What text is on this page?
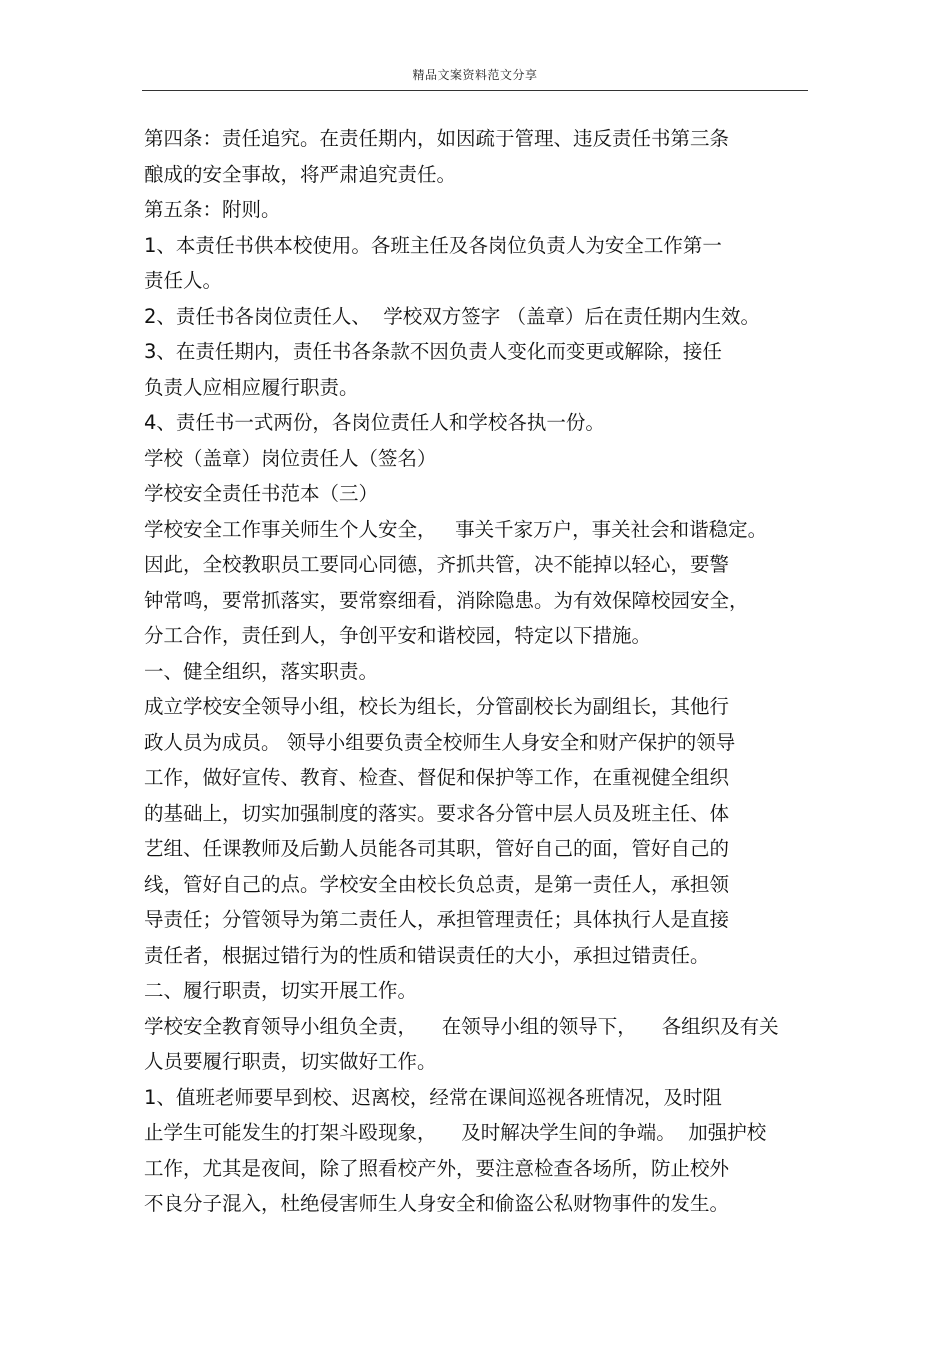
精品文案资料范文分享
第四条：责任追究。在责任期内，如因疏于管理、违反责任书第三条
酿成的安全事故，将严肃追究责任。
第五条：附则。
1、本责任书供本校使用。各班主任及各岗位负责人为安全工作第一
责任人。
2、责任书各岗位责任人、  学校双方签字 （盖章）后在责任期内生效。
3、在责任期内，责任书各条款不因负责人变化而变更或解除，接任
负责人应相应履行职责。
4、责任书一式两份，各岗位责任人和学校各执一份。
学校（盖章）岗位责任人（签名）
学校安全责任书范本（三）
学校安全工作事关师生个人安全，   事关千家万户，事关社会和谐稳定。
因此，全校教职员工要同心同德，齐抓共管，决不能掉以轻心，要警
钟常鸣，要常抓落实，要常察细看，消除隐患。为有效保障校园安全，
分工合作，责任到人，争创平安和谐校园，特定以下措施。
一、健全组织，落实职责。
成立学校安全领导小组，校长为组长，分管副校长为副组长，其他行
政人员为成员。 领导小组要负责全校师生人身安全和财产保护的领导
工作，做好宣传、教育、检查、督促和保护等工作，在重视健全组织
的基础上，切实加强制度的落实。要求各分管中层人员及班主任、体
艺组、任课教师及后勤人员能各司其职，管好自己的面，管好自己的
线，管好自己的点。学校安全由校长负总责，是第一责任人，承担领
导责任；分管领导为第二责任人，承担管理责任；具体执行人是直接
责任者，根据过错行为的性质和错误责任的大小，承担过错责任。
二、履行职责，切实开展工作。
学校安全教育领导小组负全责，    在领导小组的领导下，    各组织及有关
人员要履行职责，切实做好工作。
1、值班老师要早到校、迟离校，经常在课间巡视各班情况，及时阻
止学生可能发生的打架斗殴现象，    及时解决学生间的争端。  加强护校
工作，尤其是夜间，除了照看校产外，要注意检查各场所，防止校外
不良分子混入，杜绝侵害师生人身安全和偷盗公私财物事件的发生。
